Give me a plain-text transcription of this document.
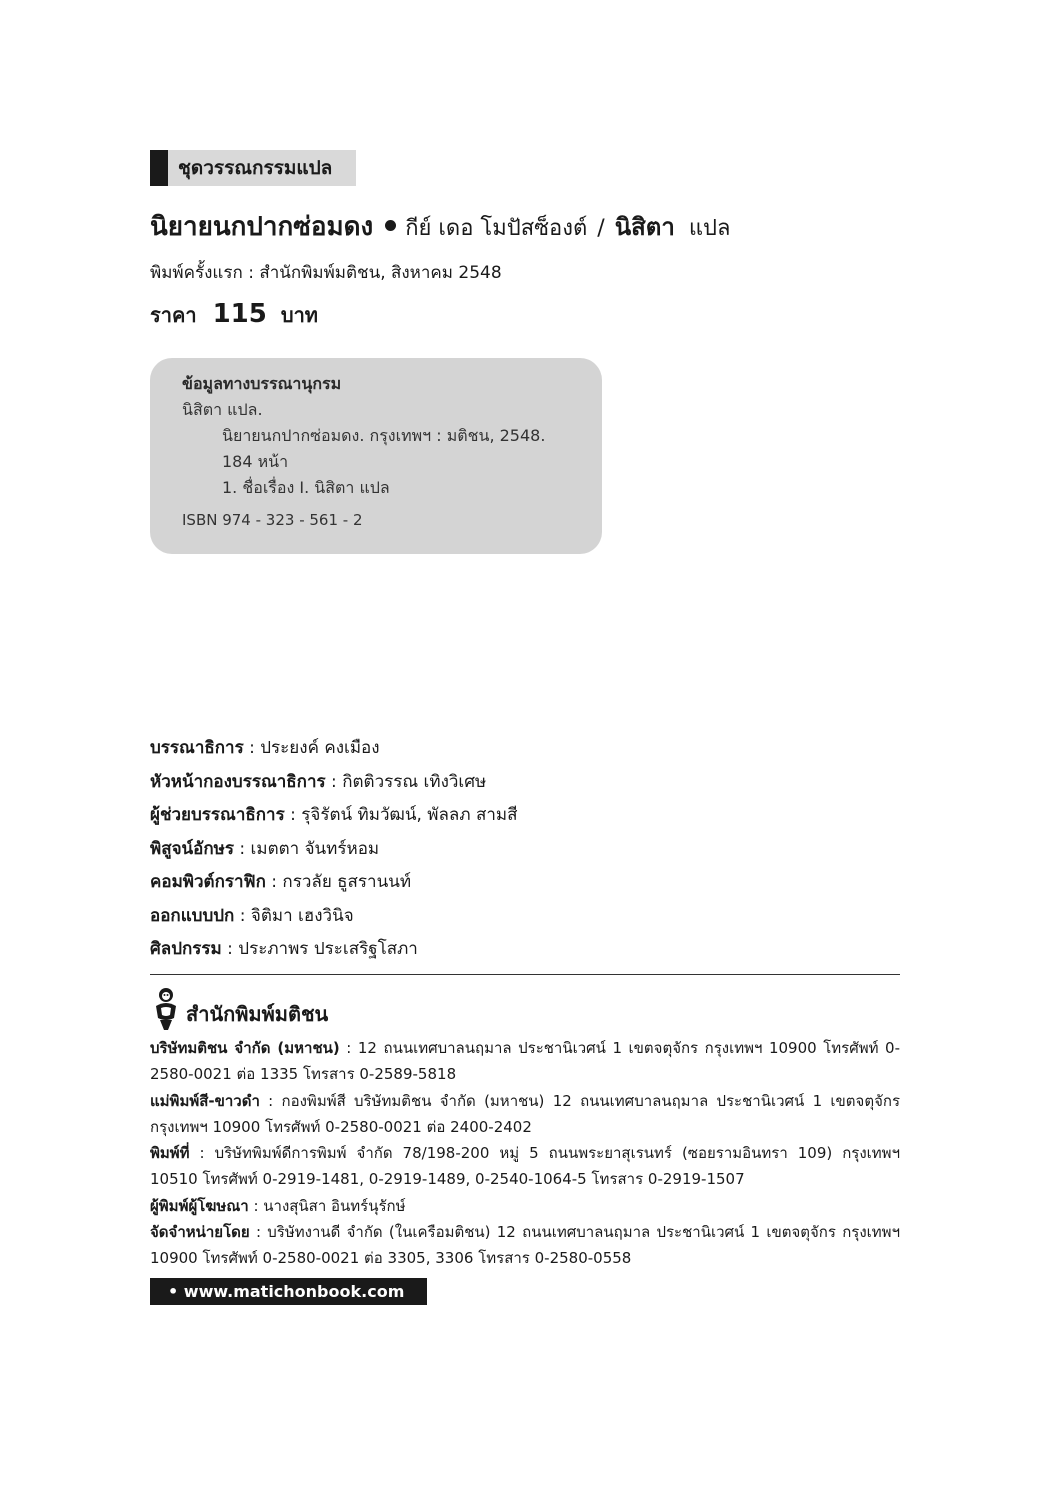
ชุดวรรณกรรมแปล
นิยายนกปากซ่อมดง กีย์ เดอ โมปัสซ็องต์ / นิสิตา แปล
พิมพ์ครั้งแรก : สำนักพิมพ์มติชน, สิงหาคม 2548
ราคา 115 บาท
ข้อมูลทางบรรณานุกรม
นิสิตา แปล.
นิยายนกปากซ่อมดง. กรุงเทพฯ : มติชน, 2548.
184 หน้า
1. ชื่อเรื่อง I. นิสิตา แปล
ISBN 974 - 323 - 561 - 2
บรรณาธิการ : ประยงค์ คงเมือง
หัวหน้ากองบรรณาธิการ : กิตติวรรณ เทิงวิเศษ
ผู้ช่วยบรรณาธิการ : รุจิรัตน์ ทิมวัฒน์, พัลลภ สามสี
พิสูจน์อักษร : เมตตา จันทร์หอม
คอมพิวต์กราฟิก : กรวลัย ธูสรานนท์
ออกแบบปก : จิติมา เฮงวินิจ
ศิลปกรรม : ประภาพร ประเสริฐโสภา
สำนักพิมพ์มติชน
บริษัทมติชน จำกัด (มหาชน) : 12 ถนนเทศบาลนฤมาล ประชานิเวศน์ 1 เขตจตุจักร กรุงเทพฯ 10900 โทรศัพท์ 0-2580-0021 ต่อ 1335 โทรสาร 0-2589-5818
แม่พิมพ์สี-ขาวดำ : กองพิมพ์สี บริษัทมติชน จำกัด (มหาชน) 12 ถนนเทศบาลนฤมาล ประชานิเวศน์ 1 เขตจตุจักร กรุงเทพฯ 10900 โทรศัพท์ 0-2580-0021 ต่อ 2400-2402
พิมพ์ที่ : บริษัทพิมพ์ดีการพิมพ์ จำกัด 78/198-200 หมู่ 5 ถนนพระยาสุเรนทร์ (ซอยรามอินทรา 109) กรุงเทพฯ 10510 โทรศัพท์ 0-2919-1481, 0-2919-1489, 0-2540-1064-5 โทรสาร 0-2919-1507
ผู้พิมพ์ผู้โฆษณา : นางสุนิสา อินทร์นุรักษ์
จัดจำหน่ายโดย : บริษัทงานดี จำกัด (ในเครือมติชน) 12 ถนนเทศบาลนฤมาล ประชานิเวศน์ 1 เขตจตุจักร กรุงเทพฯ 10900 โทรศัพท์ 0-2580-0021 ต่อ 3305, 3306 โทรสาร 0-2580-0558
• www.matichonbook.com
